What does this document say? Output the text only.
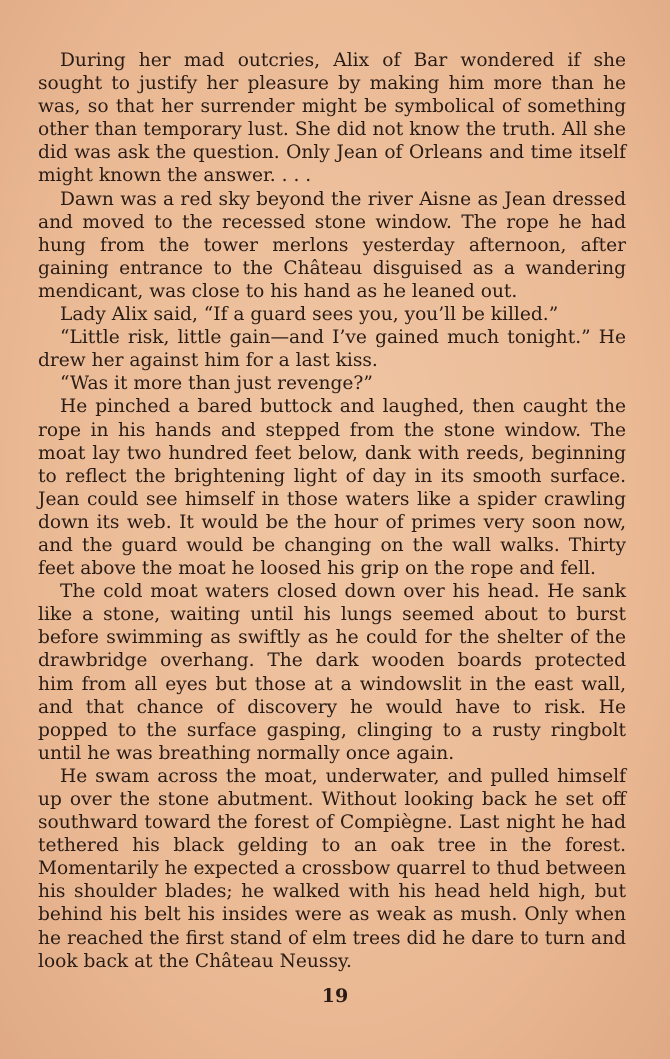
During her mad outcries, Alix of Bar wondered if she sought to justify her pleasure by making him more than he was, so that her surrender might be symbolical of something other than temporary lust. She did not know the truth. All she did was ask the question. Only Jean of Orleans and time itself might known the answer. . . .

Dawn was a red sky beyond the river Aisne as Jean dressed and moved to the recessed stone window. The rope he had hung from the tower merlons yesterday afternoon, after gaining entrance to the Château disguised as a wandering mendicant, was close to his hand as he leaned out.

Lady Alix said, “If a guard sees you, you’ll be killed.”

“Little risk, little gain—and I’ve gained much tonight.” He drew her against him for a last kiss.

“Was it more than just revenge?”

He pinched a bared buttock and laughed, then caught the rope in his hands and stepped from the stone window. The moat lay two hundred feet below, dank with reeds, beginning to reflect the brightening light of day in its smooth surface. Jean could see himself in those waters like a spider crawling down its web. It would be the hour of primes very soon now, and the guard would be changing on the wall walks. Thirty feet above the moat he loosed his grip on the rope and fell.

The cold moat waters closed down over his head. He sank like a stone, waiting until his lungs seemed about to burst before swimming as swiftly as he could for the shelter of the drawbridge overhang. The dark wooden boards protected him from all eyes but those at a windowslit in the east wall, and that chance of discovery he would have to risk. He popped to the surface gasping, clinging to a rusty ringbolt until he was breathing normally once again.

He swam across the moat, underwater, and pulled himself up over the stone abutment. Without looking back he set off southward toward the forest of Compiègne. Last night he had tethered his black gelding to an oak tree in the forest. Momentarily he expected a crossbow quarrel to thud between his shoulder blades; he walked with his head held high, but behind his belt his insides were as weak as mush. Only when he reached the first stand of elm trees did he dare to turn and look back at the Château Neussy.

19
